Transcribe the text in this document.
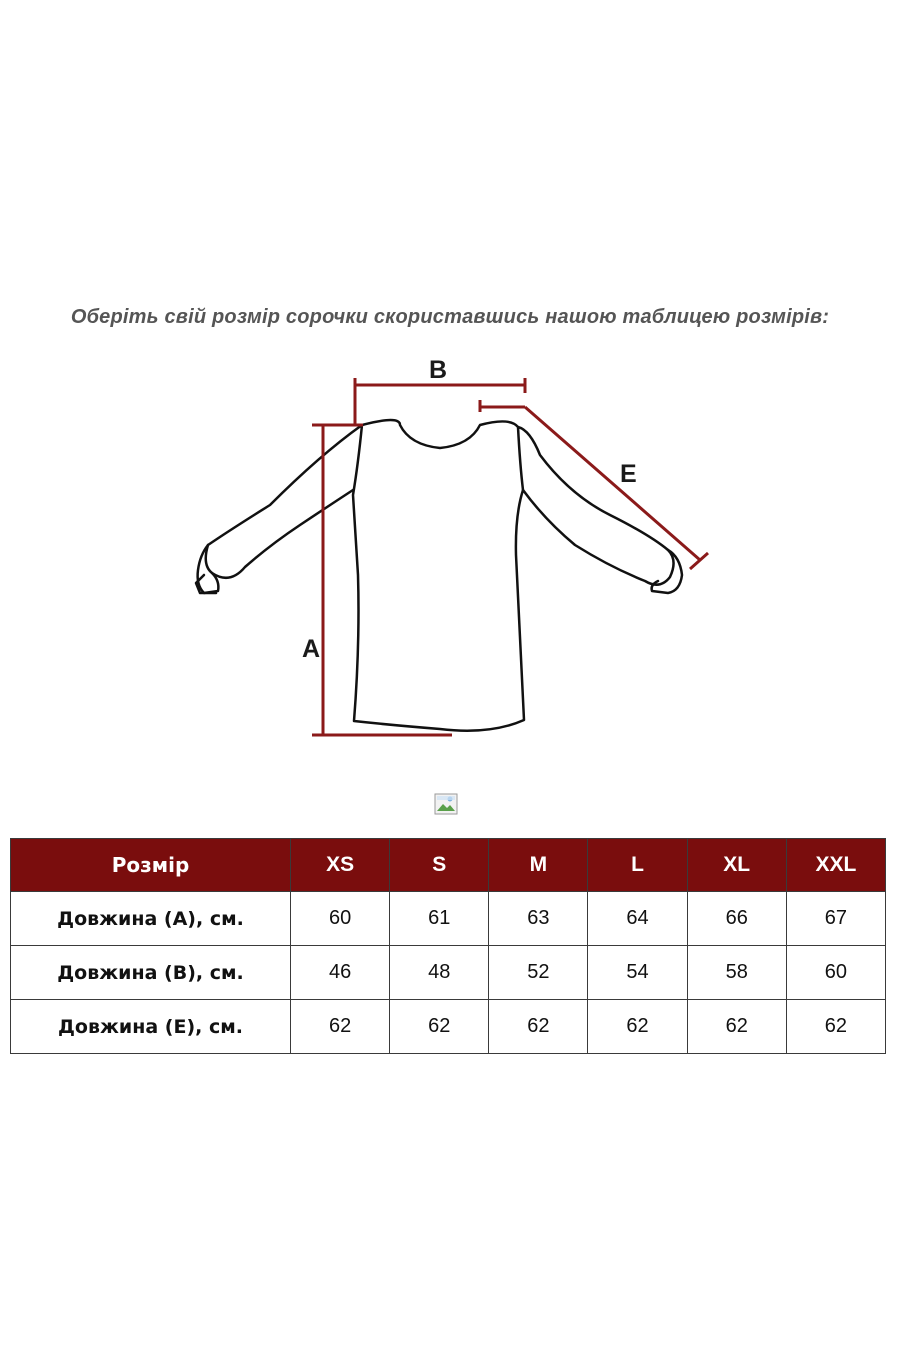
Оберіть свій розмір сорочки скориставшись нашою таблицею розмірів:
A
B
E
Розмір	XS	S	M	L	XL	XXL
Довжина (A), см.	60	61	63	64	66	67
Довжина (B), см.	46	48	52	54	58	60
Довжина (E), см.	62	62	62	62	62	62
